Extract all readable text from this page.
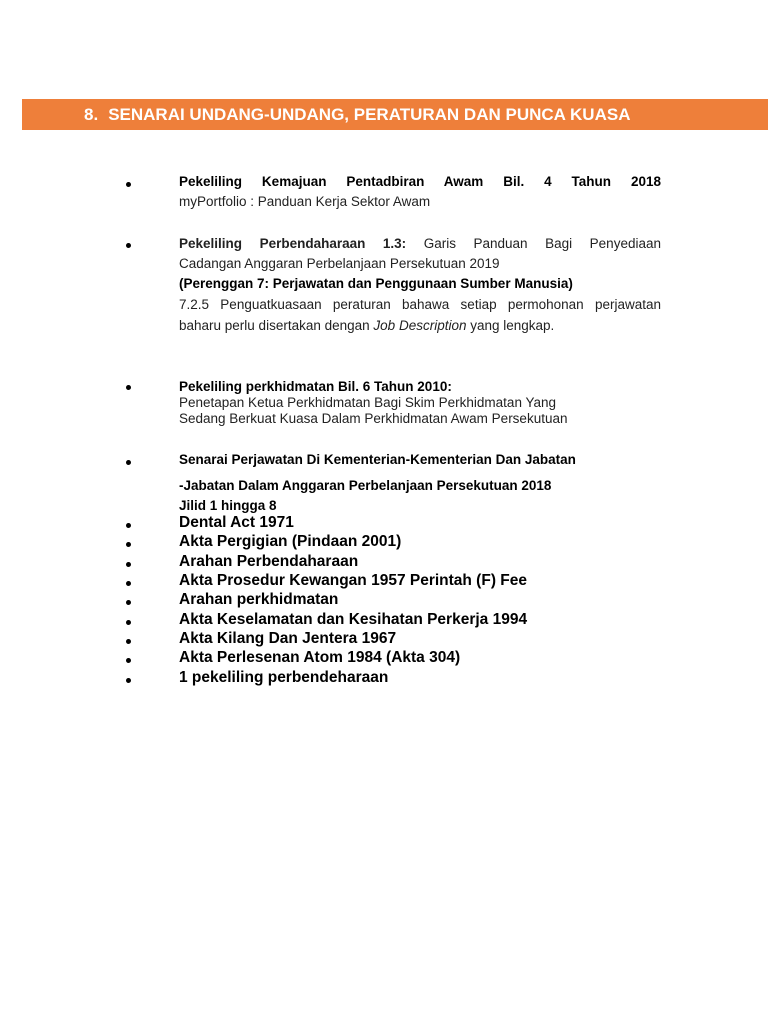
8. SENARAI UNDANG-UNDANG, PERATURAN DAN PUNCA KUASA
Pekeliling Kemajuan Pentadbiran Awam Bil. 4 Tahun 2018
myPortfolio : Panduan Kerja Sektor Awam
Pekeliling Perbendaharaan 1.3: Garis Panduan Bagi Penyediaan
Cadangan Anggaran Perbelanjaan Persekutuan 2019
(Perenggan 7: Perjawatan dan Penggunaan Sumber Manusia)
7.2.5 Penguatkuasaan peraturan bahawa setiap permohonan perjawatan baharu perlu disertakan dengan Job Description yang lengkap.
Pekeliling perkhidmatan Bil. 6 Tahun 2010:
Penetapan Ketua Perkhidmatan Bagi Skim Perkhidmatan Yang
Sedang Berkuat Kuasa Dalam Perkhidmatan Awam Persekutuan
Senarai Perjawatan Di Kementerian-Kementerian Dan Jabatan
-Jabatan Dalam Anggaran Perbelanjaan Persekutuan 2018
Jilid 1 hingga 8
Dental Act 1971
Akta Pergigian (Pindaan 2001)
Arahan Perbendaharaan
Akta Prosedur Kewangan 1957 Perintah (F) Fee
Arahan perkhidmatan
Akta Keselamatan dan Kesihatan Perkerja 1994
Akta Kilang Dan Jentera 1967
Akta Perlesenan Atom 1984 (Akta 304)
1 pekeliling perbendeharaan
